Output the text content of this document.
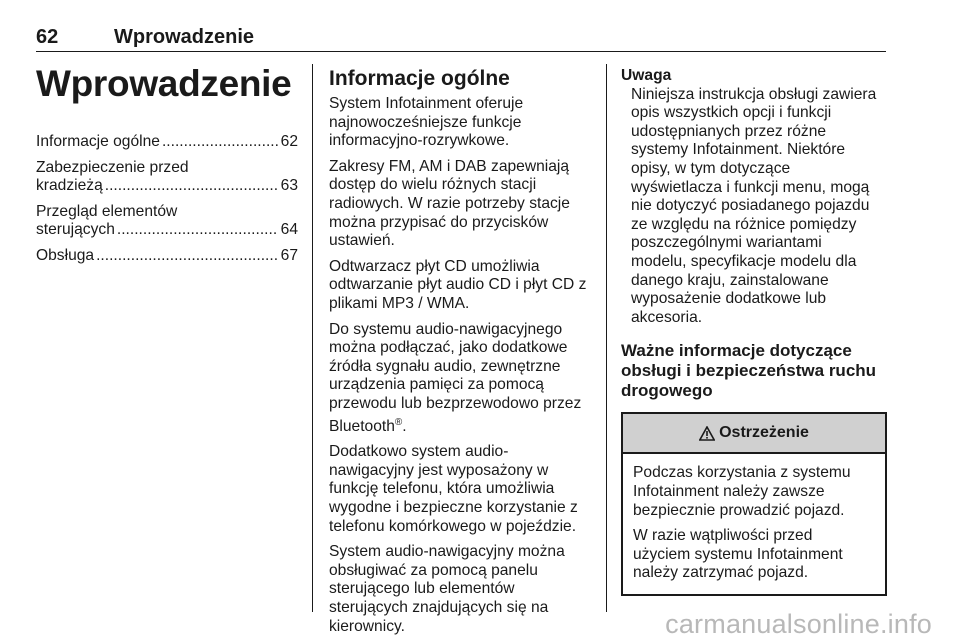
62	Wprowadzenie
Wprowadzenie
Informacje ogólne .....	62
Zabezpieczenie przed
kradzieżą .....	63
Przegląd elementów
sterujących .....	64
Obsługa .....	67
Informacje ogólne

System Infotainment oferuje
najnowocześniejsze funkcje
informacyjno-rozrywkowe.

Zakresy FM, AM i DAB zapewniają
dostęp do wielu różnych stacji
radiowych. W razie potrzeby stacje
można przypisać do przycisków
ustawień.

Odtwarzacz płyt CD umożliwia
odtwarzanie płyt audio CD i płyt CD z
plikami MP3 / WMA.

Do systemu audio-nawigacyjnego
można podłączać, jako dodatkowe
źródła sygnału audio, zewnętrzne
urządzenia pamięci za pomocą
przewodu lub bezprzewodowo przez
Bluetooth®.

Dodatkowo system audio-
nawigacyjny jest wyposażony w
funkcję telefonu, która umożliwia
wygodne i bezpieczne korzystanie z
telefonu komórkowego w pojeździe.

System audio-nawigacyjny można
obsługiwać za pomocą panelu
sterującego lub elementów
sterujących znajdujących się na
kierownicy.

Uwaga

Niniejsza instrukcja obsługi zawiera
opis wszystkich opcji i funkcji
udostępnianych przez różne
systemy Infotainment. Niektóre
opisy, w tym dotyczące
wyświetlacza i funkcji menu, mogą
nie dotyczyć posiadanego pojazdu
ze względu na różnice pomiędzy
poszczególnymi wariantami
modelu, specyfikacje modelu dla
danego kraju, zainstalowane
wyposażenie dodatkowe lub
akcesoria.

Ważne informacje dotyczące
obsługi i bezpieczeństwa ruchu
drogowego

Ostrzeżenie

Podczas korzystania z systemu
Infotainment należy zawsze
bezpiecznie prowadzić pojazd.

W razie wątpliwości przed
użyciem systemu Infotainment
należy zatrzymać pojazd.

carmanualsonline.info
